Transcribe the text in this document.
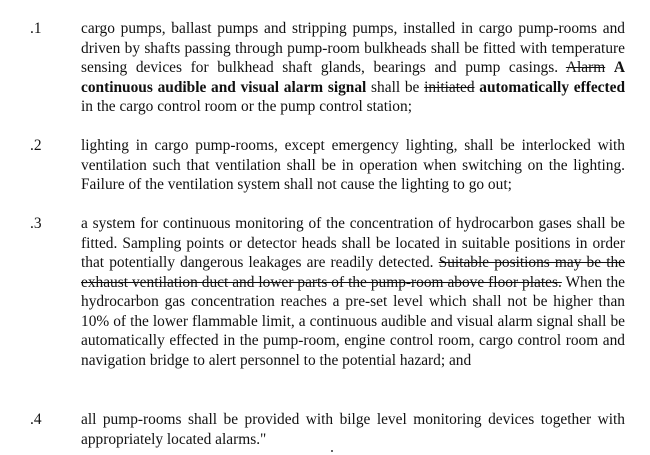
.1	cargo pumps, ballast pumps and stripping pumps, installed in cargo pump-rooms and driven by shafts passing through pump-room bulkheads shall be fitted with temperature sensing devices for bulkhead shaft glands, bearings and pump casings. Alarm A continuous audible and visual alarm signal shall be initiated automatically effected in the cargo control room or the pump control station;
.2	lighting in cargo pump-rooms, except emergency lighting, shall be interlocked with ventilation such that ventilation shall be in operation when switching on the lighting. Failure of the ventilation system shall not cause the lighting to go out;
.3	a system for continuous monitoring of the concentration of hydrocarbon gases shall be fitted. Sampling points or detector heads shall be located in suitable positions in order that potentially dangerous leakages are readily detected. Suitable positions may be the exhaust ventilation duct and lower parts of the pump-room above floor plates. When the hydrocarbon gas concentration reaches a pre-set level which shall not be higher than 10% of the lower flammable limit, a continuous audible and visual alarm signal shall be automatically effected in the pump-room, engine control room, cargo control room and navigation bridge to alert personnel to the potential hazard; and
.4	all pump-rooms shall be provided with bilge level monitoring devices together with appropriately located alarms."
